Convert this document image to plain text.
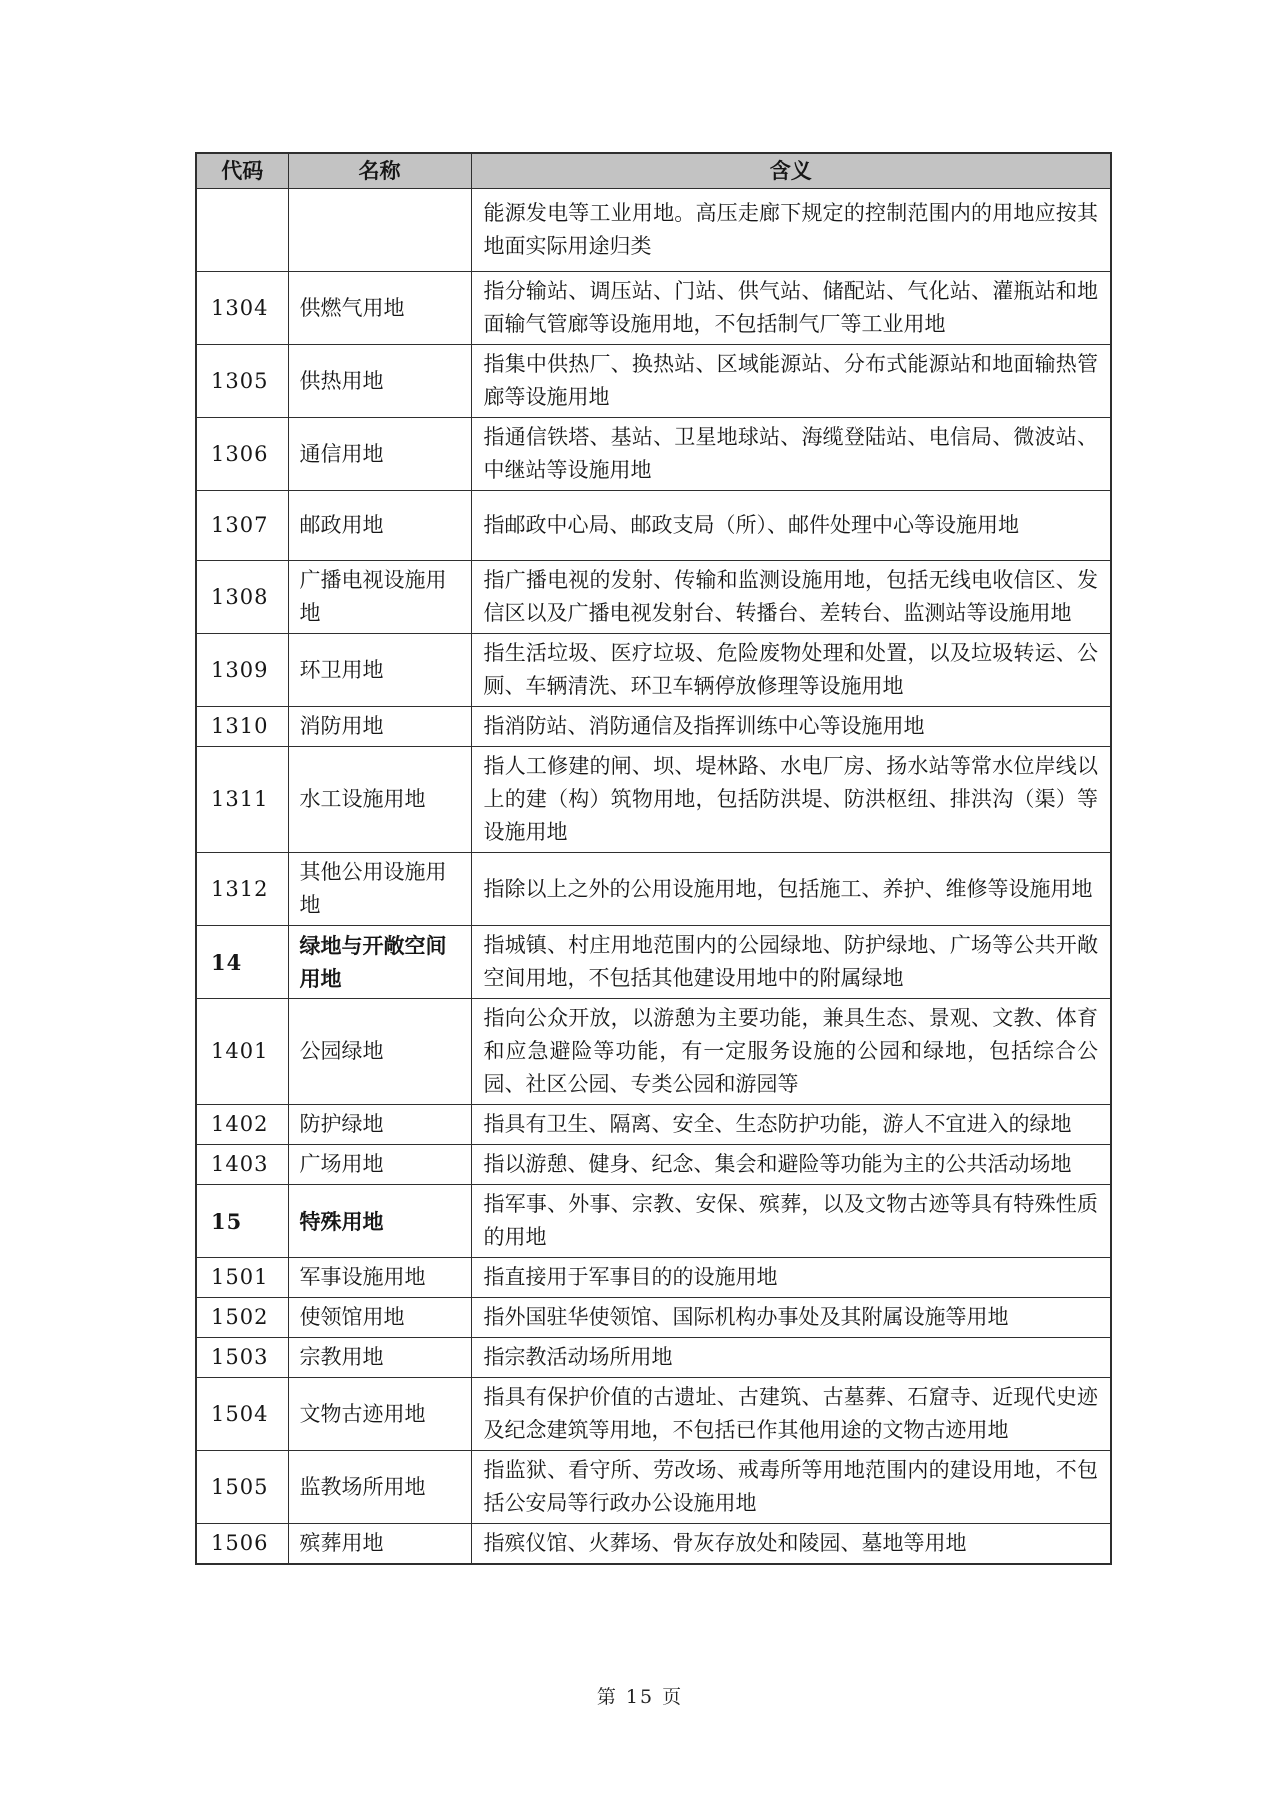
代码	名称	含义
		能源发电等工业用地。高压走廊下规定的控制范围内的用地应按其地面实际用途归类
1304	供燃气用地	指分输站、调压站、门站、供气站、储配站、气化站、灌瓶站和地面输气管廊等设施用地，不包括制气厂等工业用地
1305	供热用地	指集中供热厂、换热站、区域能源站、分布式能源站和地面输热管廊等设施用地
1306	通信用地	指通信铁塔、基站、卫星地球站、海缆登陆站、电信局、微波站、中继站等设施用地
1307	邮政用地	指邮政中心局、邮政支局（所）、邮件处理中心等设施用地
1308	广播电视设施用地	指广播电视的发射、传输和监测设施用地，包括无线电收信区、发信区以及广播电视发射台、转播台、差转台、监测站等设施用地
1309	环卫用地	指生活垃圾、医疗垃圾、危险废物处理和处置，以及垃圾转运、公厕、车辆清洗、环卫车辆停放修理等设施用地
1310	消防用地	指消防站、消防通信及指挥训练中心等设施用地
1311	水工设施用地	指人工修建的闸、坝、堤林路、水电厂房、扬水站等常水位岸线以上的建（构）筑物用地，包括防洪堤、防洪枢纽、排洪沟（渠）等设施用地
1312	其他公用设施用地	指除以上之外的公用设施用地，包括施工、养护、维修等设施用地
14	绿地与开敞空间用地	指城镇、村庄用地范围内的公园绿地、防护绿地、广场等公共开敞空间用地，不包括其他建设用地中的附属绿地
1401	公园绿地	指向公众开放，以游憩为主要功能，兼具生态、景观、文教、体育和应急避险等功能，有一定服务设施的公园和绿地，包括综合公园、社区公园、专类公园和游园等
1402	防护绿地	指具有卫生、隔离、安全、生态防护功能，游人不宜进入的绿地
1403	广场用地	指以游憩、健身、纪念、集会和避险等功能为主的公共活动场地
15	特殊用地	指军事、外事、宗教、安保、殡葬，以及文物古迹等具有特殊性质的用地
1501	军事设施用地	指直接用于军事目的的设施用地
1502	使领馆用地	指外国驻华使领馆、国际机构办事处及其附属设施等用地
1503	宗教用地	指宗教活动场所用地
1504	文物古迹用地	指具有保护价值的古遗址、古建筑、古墓葬、石窟寺、近现代史迹及纪念建筑等用地，不包括已作其他用途的文物古迹用地
1505	监教场所用地	指监狱、看守所、劳改场、戒毒所等用地范围内的建设用地，不包括公安局等行政办公设施用地
1506	殡葬用地	指殡仪馆、火葬场、骨灰存放处和陵园、墓地等用地
第 15 页
